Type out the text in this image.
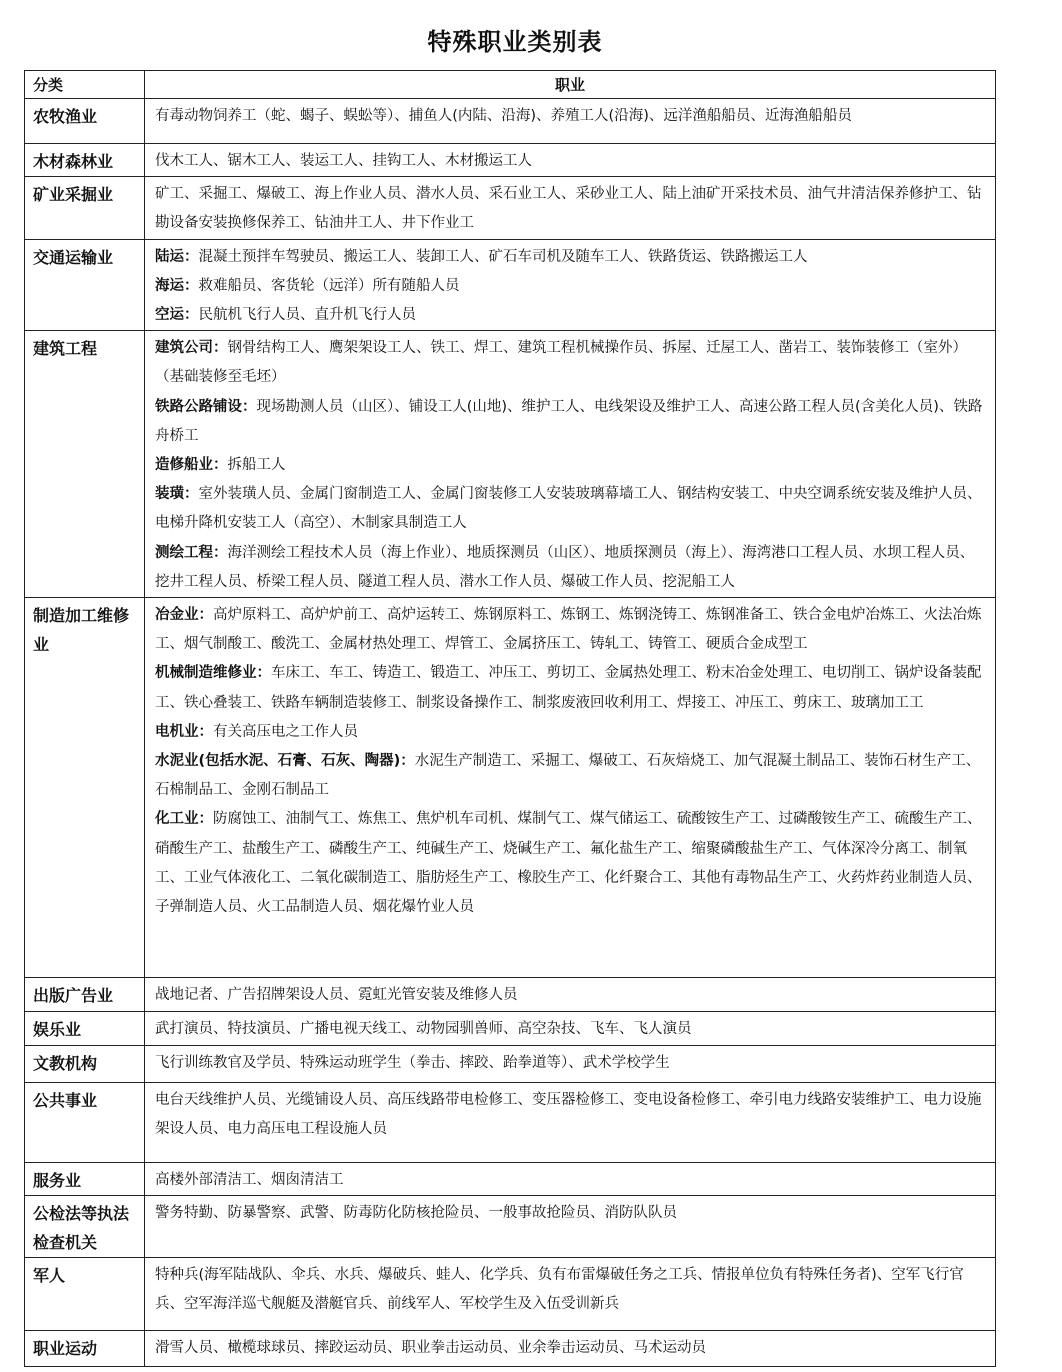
特殊职业类别表
分类	职业
农牧渔业	有毒动物饲养工（蛇、蝎子、蜈蚣等）、捕鱼人(内陆、沿海)、养殖工人(沿海)、远洋渔船船员、近海渔船船员

木材森林业	伐木工人、锯木工人、装运工人、挂钩工人、木材搬运工人

矿业采掘业	矿工、采掘工、爆破工、海上作业人员、潜水人员、采石业工人、采砂业工人、陆上油矿开采技术员、油气井清洁保养修护工、钻勘设备安装换修保养工、钻油井工人、井下作业工

交通运输业	陆运：混凝土预拌车驾驶员、搬运工人、装卸工人、矿石车司机及随车工人、铁路货运、铁路搬运工人
海运：救难船员、客货轮（远洋）所有随船人员
空运：民航机飞行人员、直升机飞行人员

建筑工程	建筑公司：钢骨结构工人、鹰架架设工人、铁工、焊工、建筑工程机械操作员、拆屋、迁屋工人、凿岩工、装饰装修工（室外）（基础装修至毛坯）
铁路公路铺设：现场勘测人员（山区）、铺设工人(山地)、维护工人、电线架设及维护工人、高速公路工程人员(含美化人员)、铁路舟桥工
造修船业：拆船工人
装璜：室外装璜人员、金属门窗制造工人、金属门窗装修工人安装玻璃幕墙工人、钢结构安装工、中央空调系统安装及维护人员、电梯升降机安装工人（高空）、木制家具制造工人
测绘工程：海洋测绘工程技术人员（海上作业）、地质探测员（山区）、地质探测员（海上）、海湾港口工程人员、水坝工程人员、挖井工程人员、桥梁工程人员、隧道工程人员、潜水工作人员、爆破工作人员、挖泥船工人

制造加工维修业	冶金业：高炉原料工、高炉炉前工、高炉运转工、炼钢原料工、炼钢工、炼钢浇铸工、炼钢准备工、铁合金电炉冶炼工、火法冶炼工、烟气制酸工、酸洗工、金属材热处理工、焊管工、金属挤压工、铸轧工、铸管工、硬质合金成型工
机械制造维修业：车床工、车工、铸造工、锻造工、冲压工、剪切工、金属热处理工、粉末冶金处理工、电切削工、锅炉设备装配工、铁心叠装工、铁路车辆制造装修工、制浆设备操作工、制浆废液回收利用工、焊接工、冲压工、剪床工、玻璃加工工
电机业：有关高压电之工作人员
水泥业(包括水泥、石膏、石灰、陶器)：水泥生产制造工、采掘工、爆破工、石灰焙烧工、加气混凝土制品工、装饰石材生产工、石棉制品工、金刚石制品工
化工业：防腐蚀工、油制气工、炼焦工、焦炉机车司机、煤制气工、煤气储运工、硫酸铵生产工、过磷酸铵生产工、硫酸生产工、硝酸生产工、盐酸生产工、磷酸生产工、纯碱生产工、烧碱生产工、氟化盐生产工、缩聚磷酸盐生产工、气体深冷分离工、制氧工、工业气体液化工、二氧化碳制造工、脂肪烃生产工、橡胶生产工、化纤聚合工、其他有毒物品生产工、火药炸药业制造人员、子弹制造人员、火工品制造人员、烟花爆竹业人员

出版广告业	战地记者、广告招牌架设人员、霓虹光管安装及维修人员

娱乐业	武打演员、特技演员、广播电视天线工、动物园驯兽师、高空杂技、飞车、飞人演员

文教机构	飞行训练教官及学员、特殊运动班学生（拳击、摔跤、跆拳道等）、武术学校学生

公共事业	电台天线维护人员、光缆铺设人员、高压线路带电检修工、变压器检修工、变电设备检修工、牵引电力线路安装维护工、电力设施架设人员、电力高压电工程设施人员

服务业	高楼外部清洁工、烟囱清洁工

公检法等执法检查机关	警务特勤、防暴警察、武警、防毒防化防核抢险员、一般事故抢险员、消防队队员

军人	特种兵(海军陆战队、伞兵、水兵、爆破兵、蛙人、化学兵、负有布雷爆破任务之工兵、情报单位负有特殊任务者)、空军飞行官兵、空军海洋巡弋舰艇及潜艇官兵、前线军人、军校学生及入伍受训新兵

职业运动	滑雪人员、橄榄球球员、摔跤运动员、职业拳击运动员、业余拳击运动员、马术运动员
